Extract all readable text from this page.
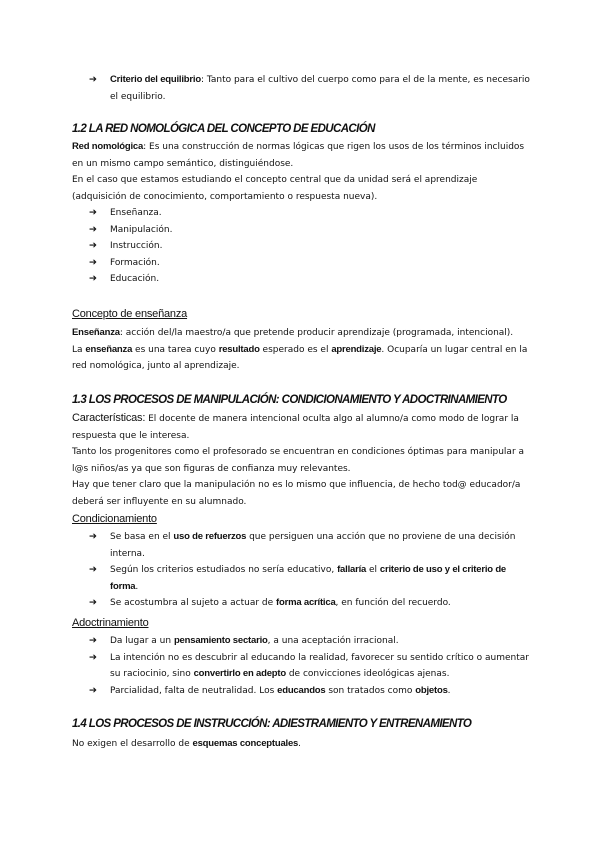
➔ Criterio del equilibrio: Tanto para el cultivo del cuerpo como para el de la mente, es necesario el equilibrio.
1.2 LA RED NOMOLÓGICA DEL CONCEPTO DE EDUCACIÓN

Red nomológica: Es una construcción de normas lógicas que rigen los usos de los términos incluidos en un mismo campo semántico, distinguiéndose.

En el caso que estamos estudiando el concepto central que da unidad será el aprendizaje (adquisición de conocimiento, comportamiento o respuesta nueva).

➔ Enseñanza.
➔ Manipulación.
➔ Instrucción.
➔ Formación.
➔ Educación.
Concepto de enseñanza

Enseñanza: acción del/la maestro/a que pretende producir aprendizaje (programada, intencional).

La enseñanza es una tarea cuyo resultado esperado es el aprendizaje. Ocuparía un lugar central en la red nomológica, junto al aprendizaje.

1.3 LOS PROCESOS DE MANIPULACIÓN: CONDICIONAMIENTO Y ADOCTRINAMIENTO

Características: El docente de manera intencional oculta algo al alumno/a como modo de lograr la respuesta que le interesa.

Tanto los progenitores como el profesorado se encuentran en condiciones óptimas para manipular a l@s niños/as ya que son figuras de confianza muy relevantes.

Hay que tener claro que la manipulación no es lo mismo que influencia, de hecho tod@ educador/a deberá ser influyente en su alumnado.

Condicionamiento
➔ Se basa en el uso de refuerzos que persiguen una acción que no proviene de una decisión interna.
➔ Según los criterios estudiados no sería educativo, fallaría el criterio de uso y el criterio de forma.
➔ Se acostumbra al sujeto a actuar de forma acrítica, en función del recuerdo.
Adoctrinamiento
➔ Da lugar a un pensamiento sectario, a una aceptación irracional.
➔ La intención no es descubrir al educando la realidad, favorecer su sentido crítico o aumentar su raciocinio, sino convertirlo en adepto de convicciones ideológicas ajenas.
➔ Parcialidad, falta de neutralidad. Los educandos son tratados como objetos.
1.4 LOS PROCESOS DE INSTRUCCIÓN: ADIESTRAMIENTO Y ENTRENAMIENTO

No exigen el desarrollo de esquemas conceptuales.
